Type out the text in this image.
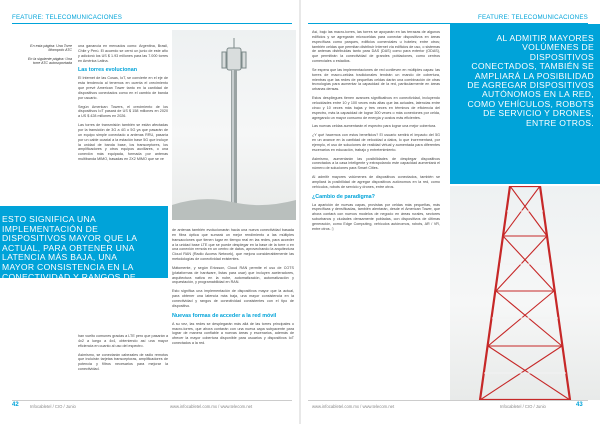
FEATURE: TELECOMUNICACIONES	FEATURE: TELECOMUNICACIONES

En esta página: Una Torre Monopolo ATC

En la siguiente página: Una torre ATC autosoportada

una ganancia en mercados como: Argentina, Brasil, Chile y Perú. El acuerdo se cerró un junio de este año y adicionó los US $ 1.93 millones para las 7.000 torres en América Latina.

Las torres evolucionan

El Internet de las Cosas, IoT, se convierte en el eje de esta tendencia al tenemos en cuenta el crecimiento que prevé American Tower tanto en la cantidad de dispositivos conectados como en el cambio de banda por usuario.

Según American Towers, el crecimiento de los dispositivos IoT pasará de US $ 158 millones en 2020 a US $ 428 millones en 2026.

Las torres de transmisión también se están afectadas por la transición de 3G a 4G o 5G ya que pasarán de un equipo simple conectado a antenas RRU, pasaría por un cable coaxial a la estación base 5G que incluye la unidad de banda base, los transceptores, los amplificadores y otros equipos auxiliares, o una conexión más equipada, formada por antenas multibanda MIMO, basadas en 2X2 MIMO que se ve

de antenas también evolucionarán hacia una nueva conectividad basada en fibra óptica que sumará un mejor rendimiento a las múltiples transacciones que tienen lugar en tiempo real en las redes, para acceder a la unidad base LTE que se puede desplegar en la base de la torre o en una conexión remota en un centro de datos, aprovechando la arquitectura Cloud RAN (Radio Access Network), que mejora considerablemente las metodologías de conectividad existentes.

Mátomente, y según Ericsson, Cloud RAN permite el uso de COTS (plataformas de hardware, listas para usar) que incluyen aceleradores, arquitectura nativa en la nube, automatización, automatización y orquestación, y programabilidad en RAN.

Esto significa una implementación de dispositivos mayor que la actual, para obtener una latencia más baja, una mayor consistencia en la conectividad y rangos de conectividad consistentes con el tipo de dispositivo.

Nuevas formas de acceder a la red móvil

A su vez, las redes se desplegarán más allá de las torres principales o macro-torres, que ahora contarán con una nueva capa subyacente para lograr de manera confiable a nuevas áreas y escenarios, además de ofrecer la mayor cobertura disponible para usuarios y dispositivos IoT conectados a la red.

ESTO SIGNIFICA UNA IMPLEMENTACIÓN DE DISPOSITIVOS MAYOR QUE LA ACTUAL, PARA OBTENER UNA LATENCIA MÁS BAJA, UNA MAYOR CONSISTENCIA EN LA CONECTIVIDAD Y RANGOS DE CONECTIVIDAD CONSISTENTES CON EL TIPO DE DISPOSITIVO.

han vuelto comunes gracias a LTE pero que pasarán a 4x2 a luego a 4x4, obteniendo así una mayor eficiencia en cuanto al uso del espectro.

Asimismo, se conectarán cabezales de radio remotos que incluirán tarjetas transceptoras, amplificadores de potencia y filtros necesarios para mejorar la conectividad.

Así, bajo las macro-torres, las torres se apoyarán en las terrazas de algunos edificios y se agregarán microceldas para conectar dispositivos en áreas específicas como parques, edificios comerciales u hoteles; entre otros; también celdas que permitan distribuir Internet vía edificios de uso, o sistemas de antenas distribuidas tanto para DAS (DAS) como para exterior (ODAS), que permitirán la conectividad de grandes poblaciones, como centros comerciales o estadios.

Se espera que las implementaciones de red conlleven en múltiples capas: las torres de macro-celdas tradicionales tendrán un mando de cobertura, mientras que las redes de pequeñas celdas darán una combinación de otras tecnologías para aumentar la capacidad de la red, particularmente en áreas urbanas densas.

Estos despliegues tienen avances significativos en conectividad, incluyendo velocidades entre 10 y 100 veces más altas que las actuales, latencias entre cinco y 10 veces más bajas y tres veces en términos de eficiencia del espectro, más la capacidad de lograr 300 veces o más conexiones por celda, agregando un mayor consumo de energía y costos más eficientes.

Las nuevas celdas aumentarán el espectro para lograr una mejor cobertura.

¿Y qué hacemos con estos beneficios? El usuario sentirá el impacto del 5G en un avance en la cantidad de velocidad a datos, lo que incrementará, por ejemplo, el uso de soluciones de realidad virtual y aumentada para diferentes escenarios en educación, trabajo y entretenimiento.

Asimismo, aumentarán las posibilidades de desplegar dispositivos conectados a la casa inteligente y extrapolando este capacidad aumentará el número de soluciones para Smart Cities.

Al admitir mayores volúmenes de dispositivos conectados, también se ampliará la posibilidad de agregar dispositivos autónomos en la red, como vehículos, robots de servicio y drones, entre otros.

¿Cambio de paradigma?

La aparición de nuevas capas, provistas por celdas más pequeñas, más específicas y densificadas, también alentarán, desde el American Tower, que ahora contará con nuevos modelos de negocio en áreas rurales, sectores suburbanos y ciudades densamente pobladas, con dispositivos de últimas generación, como Edge Computing, vehículos autónomos, robots, AR / VR, entre otros. ▯

AL ADMITIR MAYORES VOLÚMENES DE DISPOSITIVOS CONECTADOS, TAMBIÉN SE AMPLIARÁ LA POSIBILIDAD DE AGREGAR DISPOSITIVOS AUTÓNOMOS EN LA RED, COMO VEHÍCULOS, ROBOTS DE SERVICIO Y DRONES, ENTRE OTROS.
42	Infocabletel / CIO / Junio	www.infocabletel.com.mx / www.telecom.net	www.infocabletel.com.mx / www.telecom.net	Infocabletel / CIO / Junio	43
